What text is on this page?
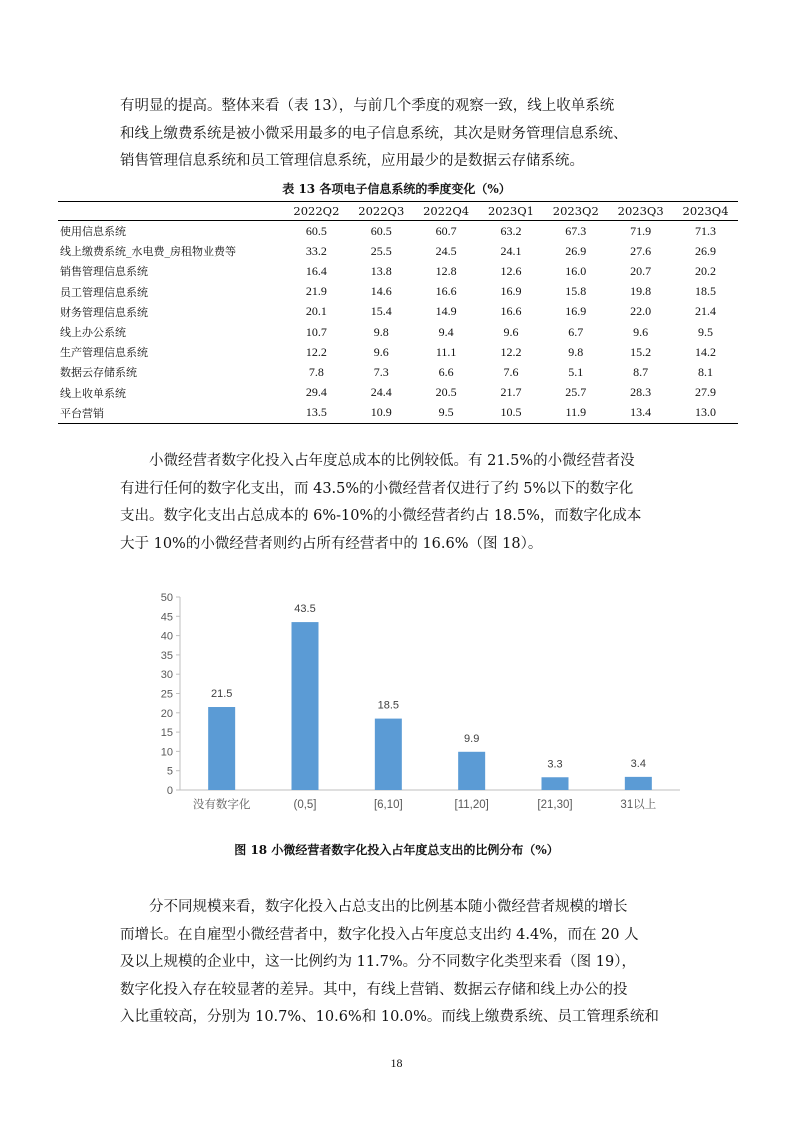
有明显的提高。整体来看（表 13），与前几个季度的观察一致，线上收单系统
和线上缴费系统是被小微采用最多的电子信息系统，其次是财务管理信息系统、
销售管理信息系统和员工管理信息系统，应用最少的是数据云存储系统。
表 13 各项电子信息系统的季度变化（%）
	2022Q2	2022Q3	2022Q4	2023Q1	2023Q2	2023Q3	2023Q4
使用信息系统	60.5	60.5	60.7	63.2	67.3	71.9	71.3
线上缴费系统_水电费_房租物业费等	33.2	25.5	24.5	24.1	26.9	27.6	26.9
销售管理信息系统	16.4	13.8	12.8	12.6	16.0	20.7	20.2
员工管理信息系统	21.9	14.6	16.6	16.9	15.8	19.8	18.5
财务管理信息系统	20.1	15.4	14.9	16.6	16.9	22.0	21.4
线上办公系统	10.7	9.8	9.4	9.6	6.7	9.6	9.5
生产管理信息系统	12.2	9.6	11.1	12.2	9.8	15.2	14.2
数据云存储系统	7.8	7.3	6.6	7.6	5.1	8.7	8.1
线上收单系统	29.4	24.4	20.5	21.7	25.7	28.3	27.9
平台营销	13.5	10.9	9.5	10.5	11.9	13.4	13.0
小微经营者数字化投入占年度总成本的比例较低。有 21.5%的小微经营者没
有进行任何的数字化支出，而 43.5%的小微经营者仅进行了约 5%以下的数字化
支出。数字化支出占总成本的 6%-10%的小微经营者约占 18.5%，而数字化成本
大于 10%的小微经营者则约占所有经营者中的 16.6%（图 18）。
0
5
10
15
20
25
30
35
40
45
50
21.5
没有数字化
43.5
(0,5]
18.5
[6,10]
9.9
[11,20]
3.3
[21,30]
3.4
31以上
图 18 小微经营者数字化投入占年度总支出的比例分布（%）
分不同规模来看，数字化投入占总支出的比例基本随小微经营者规模的增长
而增长。在自雇型小微经营者中，数字化投入占年度总支出约 4.4%，而在 20 人
及以上规模的企业中，这一比例约为 11.7%。分不同数字化类型来看（图 19），
数字化投入存在较显著的差异。其中，有线上营销、数据云存储和线上办公的投
入比重较高，分别为 10.7%、10.6%和 10.0%。而线上缴费系统、员工管理系统和
18
